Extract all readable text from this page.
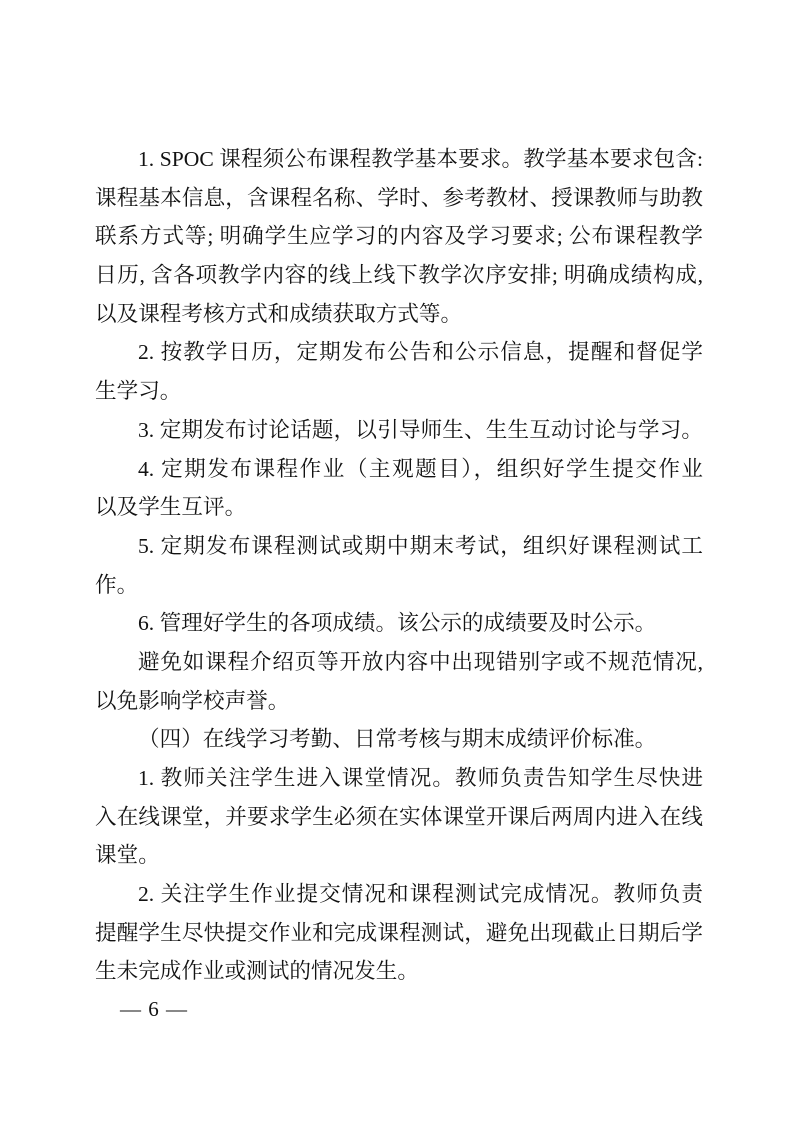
1. SPOC 课程须公布课程教学基本要求。教学基本要求包含:
课程基本信息，含课程名称、学时、参考教材、授课教师与助教
联系方式等; 明确学生应学习的内容及学习要求; 公布课程教学
日历, 含各项教学内容的线上线下教学次序安排; 明确成绩构成,
以及课程考核方式和成绩获取方式等。
2. 按教学日历，定期发布公告和公示信息，提醒和督促学
生学习。
3. 定期发布讨论话题，以引导师生、生生互动讨论与学习。
4. 定期发布课程作业（主观题目），组织好学生提交作业
以及学生互评。
5. 定期发布课程测试或期中期末考试，组织好课程测试工
作。
6. 管理好学生的各项成绩。该公示的成绩要及时公示。
避免如课程介绍页等开放内容中出现错别字或不规范情况,
以免影响学校声誉。
（四）在线学习考勤、日常考核与期末成绩评价标准。
1. 教师关注学生进入课堂情况。教师负责告知学生尽快进
入在线课堂，并要求学生必须在实体课堂开课后两周内进入在线
课堂。
2. 关注学生作业提交情况和课程测试完成情况。教师负责
提醒学生尽快提交作业和完成课程测试，避免出现截止日期后学
生未完成作业或测试的情况发生。
— 6 —
